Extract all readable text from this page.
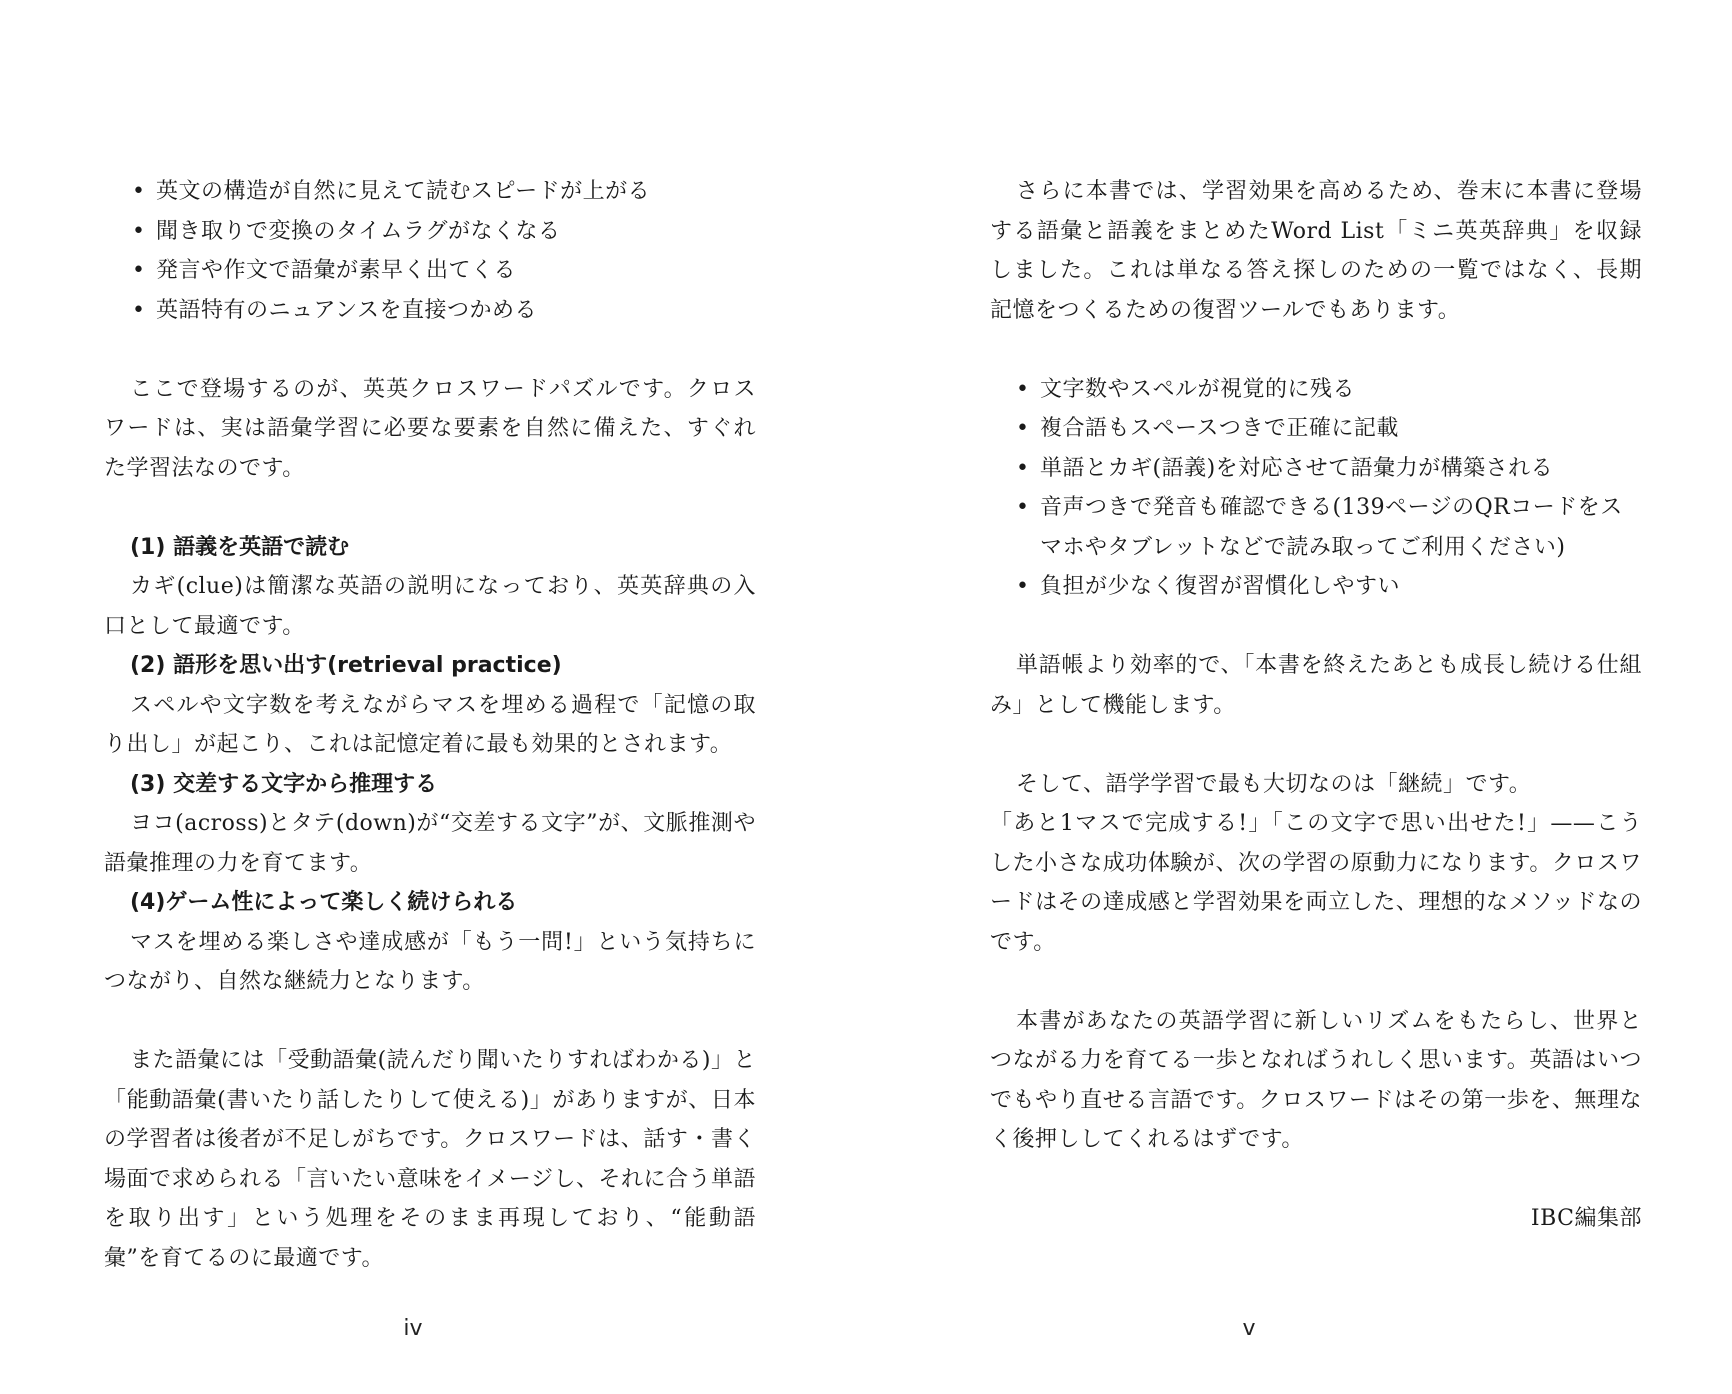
• 英文の構造が自然に見えて読むスピードが上がる
• 聞き取りで変換のタイムラグがなくなる
• 発言や作文で語彙が素早く出てくる
• 英語特有のニュアンスを直接つかめる

ここで登場するのが、英英クロスワードパズルです。クロスワードは、実は語彙学習に必要な要素を自然に備えた、すぐれた学習法なのです。

(1) 語義を英語で読む

カギ(clue)は簡潔な英語の説明になっており、英英辞典の入口として最適です。

(2) 語形を思い出す(retrieval practice)

スペルや文字数を考えながらマスを埋める過程で「記憶の取り出し」が起こり、これは記憶定着に最も効果的とされます。

(3) 交差する文字から推理する

ヨコ(across)とタテ(down)が“交差する文字”が、文脈推測や語彙推理の力を育てます。

(4)ゲーム性によって楽しく続けられる

マスを埋める楽しさや達成感が「もう一問!」という気持ちにつながり、自然な継続力となります。

また語彙には「受動語彙(読んだり聞いたりすればわかる)」と「能動語彙(書いたり話したりして使える)」がありますが、日本の学習者は後者が不足しがちです。クロスワードは、話す・書く場面で求められる「言いたい意味をイメージし、それに合う単語を取り出す」という処理をそのまま再現しており、“能動語彙”を育てるのに最適です。

iv

さらに本書では、学習効果を高めるため、巻末に本書に登場する語彙と語義をまとめたWord List「ミニ英英辞典」を収録しました。これは単なる答え探しのための一覧ではなく、長期記憶をつくるための復習ツールでもあります。

• 文字数やスペルが視覚的に残る
• 複合語もスペースつきで正確に記載
• 単語とカギ(語義)を対応させて語彙力が構築される
• 音声つきで発音も確認できる(139ページのQRコードをスマホやタブレットなどで読み取ってご利用ください)
• 負担が少なく復習が習慣化しやすい

単語帳より効率的で、「本書を終えたあとも成長し続ける仕組み」として機能します。

そして、語学学習で最も大切なのは「継続」です。

「あと1マスで完成する!」「この文字で思い出せた!」——こうした小さな成功体験が、次の学習の原動力になります。クロスワードはその達成感と学習効果を両立した、理想的なメソッドなのです。

本書があなたの英語学習に新しいリズムをもたらし、世界とつながる力を育てる一歩となればうれしく思います。英語はいつでもやり直せる言語です。クロスワードはその第一歩を、無理なく後押ししてくれるはずです。

IBC編集部

v
